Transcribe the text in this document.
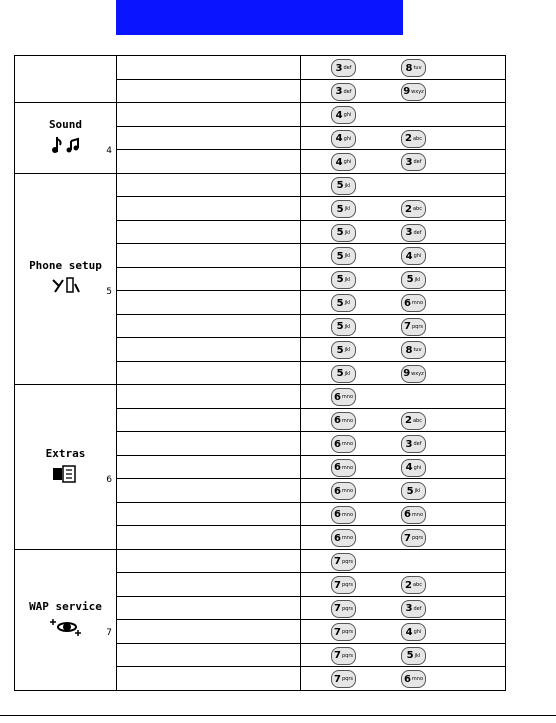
		3 def 8 tuv

		3 def 9 wxyz

Sound
4		4 ghi

		4 ghi 2 abc

		4 ghi 3 def

Phone setup
5		5 jkl

		5 jkl 2 abc

		5 jkl 3 def

		5 jkl 4 ghi

		5 jkl 5 jkl

		5 jkl 6 mno

		5 jkl 7 pqrs

		5 jkl 8 tuv

		5 jkl 9 wxyz

Extras
6		6 mno

		6 mno 2 abc

		6 mno 3 def

		6 mno 4 ghi

		6 mno 5 jkl

		6 mno 6 mno

		6 mno 7 pqrs

WAP service
7		7 pqrs

		7 pqrs 2 abc

		7 pqrs 3 def

		7 pqrs 4 ghi

		7 pqrs 5 jkl

		7 pqrs 6 mno
